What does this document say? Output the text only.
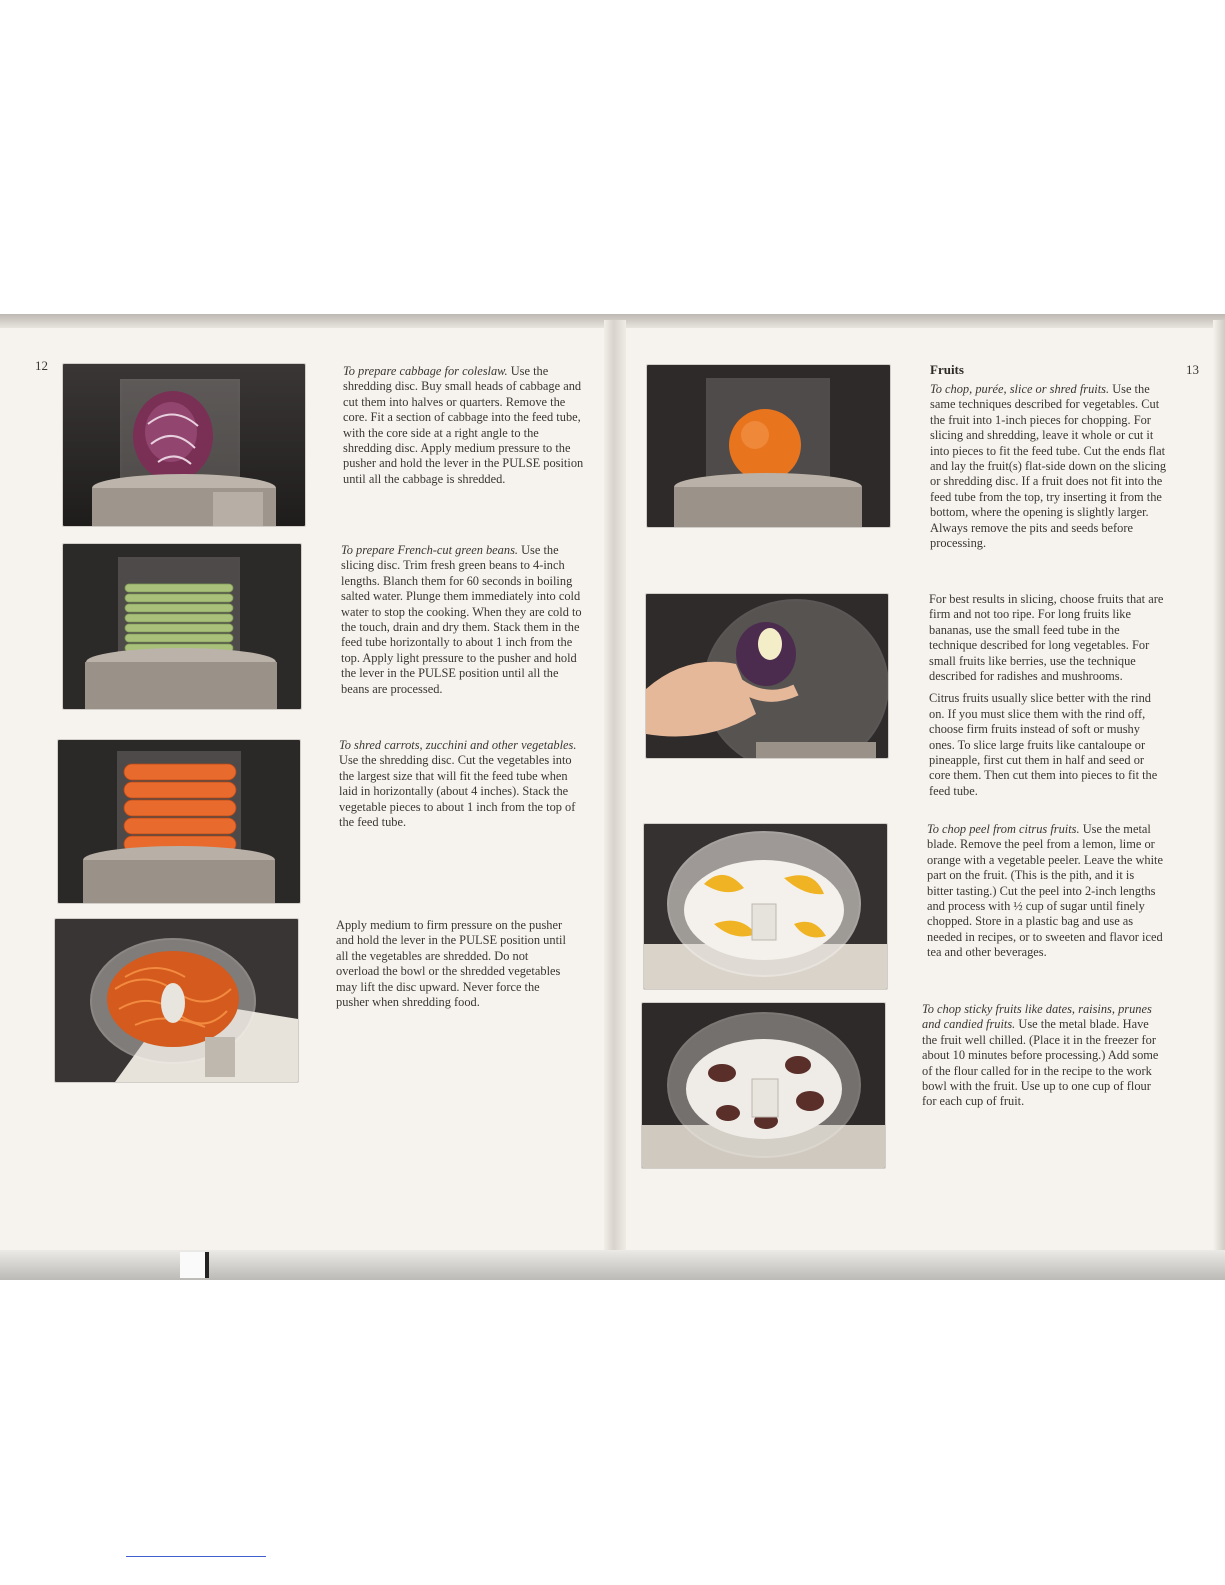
12	To prepare cabbage for coleslaw. Use the shredding disc. Buy small heads of cabbage and cut them into halves or quarters. Remove the core. Fit a section of cabbage into the feed tube, with the core side at a right angle to the shredding disc. Apply medium pressure to the pusher and hold the lever in the PULSE position until all the cabbage is shredded.
To prepare French-cut green beans. Use the slicing disc. Trim fresh green beans to 4-inch lengths. Blanch them for 60 seconds in boiling salted water. Plunge them immediately into cold water to stop the cooking. When they are cold to the touch, drain and dry them. Stack them in the feed tube horizontally to about 1 inch from the top. Apply light pressure to the pusher and hold the lever in the PULSE position until all the beans are processed.
To shred carrots, zucchini and other vegetables. Use the shredding disc. Cut the vegetables into the largest size that will fit the feed tube when laid in horizontally (about 4 inches). Stack the vegetable pieces to about 1 inch from the top of the feed tube.
Apply medium to firm pressure on the pusher and hold the lever in the PULSE position until all the vegetables are shredded. Do not overload the bowl or the shredded vegetables may lift the disc upward. Never force the pusher when shredding food.
13
Fruits
To chop, purée, slice or shred fruits. Use the same techniques described for vegetables. Cut the fruit into 1-inch pieces for chopping. For slicing and shredding, leave it whole or cut it into pieces to fit the feed tube. Cut the ends flat and lay the fruit(s) flat-side down on the slicing or shredding disc. If a fruit does not fit into the feed tube from the top, try inserting it from the bottom, where the opening is slightly larger. Always remove the pits and seeds before processing.

For best results in slicing, choose fruits that are firm and not too ripe. For long fruits like bananas, use the small feed tube in the technique described for long vegetables. For small fruits like berries, use the technique described for radishes and mushrooms.

Citrus fruits usually slice better with the rind on. If you must slice them with the rind off, choose firm fruits instead of soft or mushy ones. To slice large fruits like cantaloupe or pineapple, first cut them in half and seed or core them. Then cut them into pieces to fit the feed tube.

To chop peel from citrus fruits. Use the metal blade. Remove the peel from a lemon, lime or orange with a vegetable peeler. Leave the white part on the fruit. (This is the pith, and it is bitter tasting.) Cut the peel into 2-inch lengths and process with ½ cup of sugar until finely chopped. Store in a plastic bag and use as needed in recipes, or to sweeten and flavor iced tea and other beverages.
To chop sticky fruits like dates, raisins, prunes and candied fruits. Use the metal blade. Have the fruit well chilled. (Place it in the freezer for about 10 minutes before processing.) Add some of the flour called for in the recipe to the work bowl with the fruit. Use up to one cup of flour for each cup of fruit.
